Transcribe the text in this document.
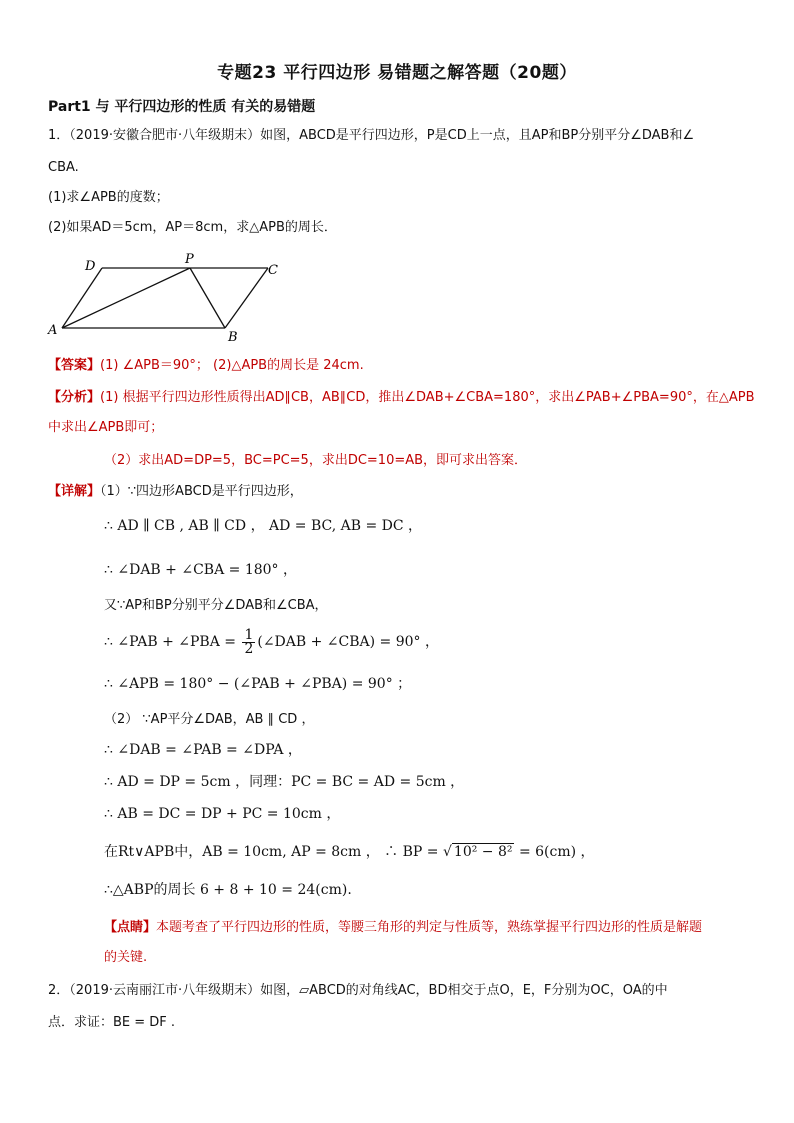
专题23 平行四边形 易错题之解答题（20题）
Part1 与 平行四边形的性质 有关的易错题
1．（2019·安徽合肥市·八年级期末）如图，ABCD是平行四边形，P是CD上一点，且AP和BP分别平分∠DAB和∠
CBA.
(1)求∠APB的度数；
(2)如果AD＝5cm，AP＝8cm，求△APB的周长．
D	P
C
A	B
【答案】(1) ∠APB＝90°； (2)△APB的周长是 24cm.
【分析】(1) 根据平行四边形性质得出AD∥CB，AB∥CD，推出∠DAB+∠CBA=180°，求出∠PAB+∠PBA=90°，在△APB
中求出∠APB即可；
（2）求出AD=DP=5，BC=PC=5，求出DC=10=AB，即可求出答案．
【详解】（1）∵四边形ABCD是平行四边形，
∴ AD ∥ CB , AB ∥ CD ， AD = BC, AB = DC ，
∴ ∠DAB + ∠CBA = 180° ，
又∵AP和BP分别平分∠DAB和∠CBA，
∴ ∠PAB + ∠PBA = $\frac{1}{2}$ (∠DAB + ∠CBA) = 90° ，
∴ ∠APB = 180° − (∠PAB + ∠PBA) = 90° ；
（2） ∵AP平分∠DAB，AB ∥ CD ，
∴ ∠DAB = ∠PAB = ∠DPA ，
∴ AD = DP = 5cm ，同理：PC = BC = AD = 5cm ，
∴ AB = DC = DP + PC = 10cm ，
在Rt∨APB中，AB = 10cm, AP = 8cm ， ∴ BP = √ 10² − 8² = 6(cm) ，
∴△ABP的周长 6 + 8 + 10 = 24(cm).
【点睛】本题考查了平行四边形的性质，等腰三角形的判定与性质等，熟练掌握平行四边形的性质是解题
的关键.
2．（2019·云南丽江市·八年级期末）如图，▱ABCD的对角线AC，BD相交于点O，E，F分别为OC，OA的中
点．求证：BE = DF .
